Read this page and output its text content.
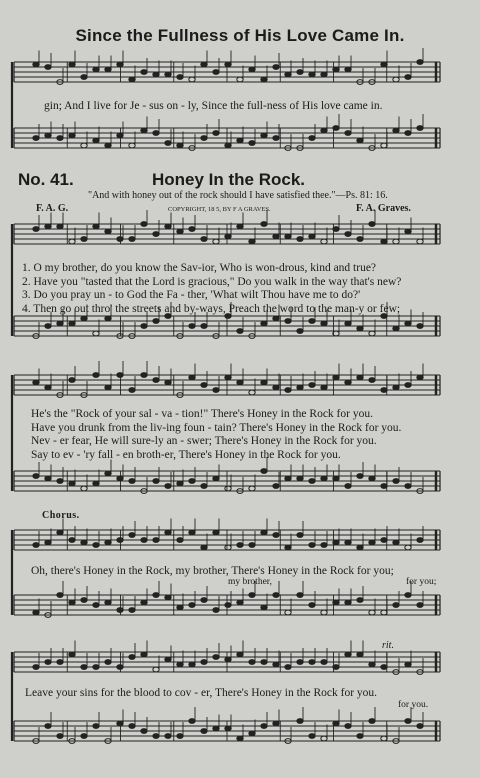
Since the Fullness of His Love Came In.
gin; And I live for Je - sus on - ly, Since the full-ness of His love came in.
No. 41.	Honey In the Rock.
"And with honey out of the rock should I have satisfied thee."—Ps. 81: 16.
F. A. G.	COPYRIGHT, 18 5, BY F A GRAVES.	F. A. Graves.
1. O my brother, do you know the Sav-ior, Who is won-drous, kind and true?
2. Have you "tasted that the Lord is gracious," Do you walk in the way that's new?
3. Do you pray un - to God the Fa - ther, 'What wilt Thou have me to do?'
4. Then go out thro' the streets and by-ways, Preach the word to the man-y or few;
He's the "Rock of your sal - va - tion!" There's Honey in the Rock for you.
Have you drunk from the liv-ing foun - tain? There's Honey in the Rock for you.
Nev - er fear, He will sure-ly an - swer; There's Honey in the Rock for you.
Say to ev - 'ry fall - en broth-er, There's Honey in the Rock for you.
Chorus.
Oh, there's Honey in the Rock, my brother, There's Honey in the Rock for you;
my brother,	for you;
rit.
Leave your sins for the blood to cov - er, There's Honey in the Rock for you.
for you.
